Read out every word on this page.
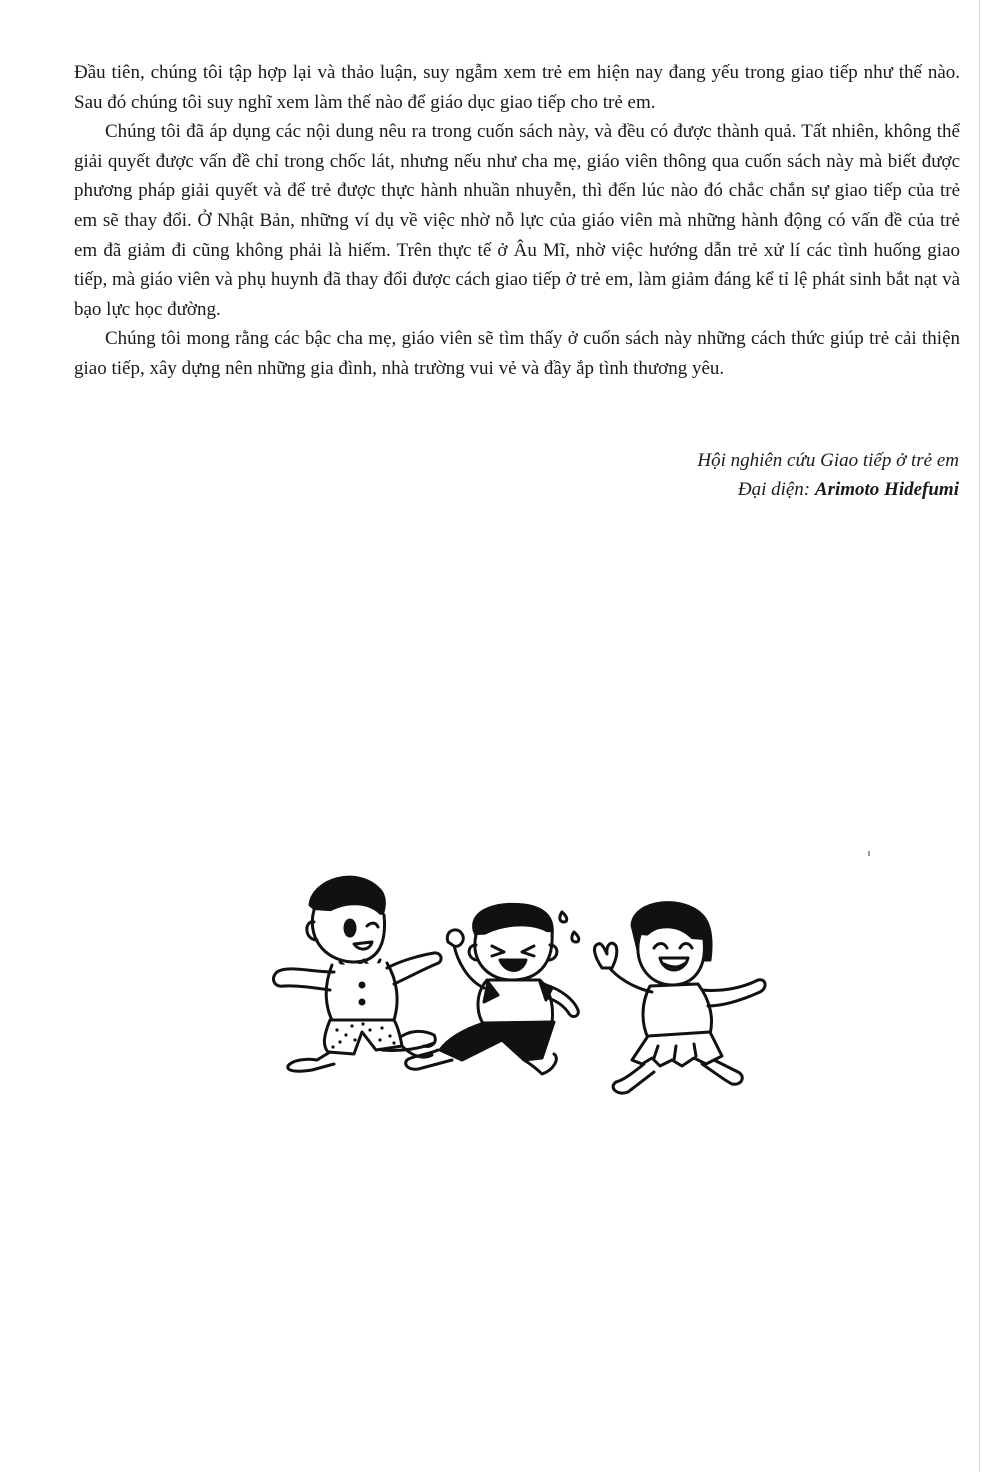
Đầu tiên, chúng tôi tập hợp lại và thảo luận, suy ngẫm xem trẻ em hiện nay đang yếu trong giao tiếp như thế nào. Sau đó chúng tôi suy nghĩ xem làm thế nào để giáo dục giao tiếp cho trẻ em.

Chúng tôi đã áp dụng các nội dung nêu ra trong cuốn sách này, và đều có được thành quả. Tất nhiên, không thể giải quyết được vấn đề chỉ trong chốc lát, nhưng nếu như cha mẹ, giáo viên thông qua cuốn sách này mà biết được phương pháp giải quyết và để trẻ được thực hành nhuần nhuyễn, thì đến lúc nào đó chắc chắn sự giao tiếp của trẻ em sẽ thay đổi. Ở Nhật Bản, những ví dụ về việc nhờ nỗ lực của giáo viên mà những hành động có vấn đề của trẻ em đã giảm đi cũng không phải là hiếm. Trên thực tế ở Âu Mĩ, nhờ việc hướng dẫn trẻ xử lí các tình huống giao tiếp, mà giáo viên và phụ huynh đã thay đổi được cách giao tiếp ở trẻ em, làm giảm đáng kể tỉ lệ phát sinh bắt nạt và bạo lực học đường.

Chúng tôi mong rằng các bậc cha mẹ, giáo viên sẽ tìm thấy ở cuốn sách này những cách thức giúp trẻ cải thiện giao tiếp, xây dựng nên những gia đình, nhà trường vui vẻ và đầy ắp tình thương yêu.

Hội nghiên cứu Giao tiếp ở trẻ em
Đại diện: Arimoto Hidefumi
